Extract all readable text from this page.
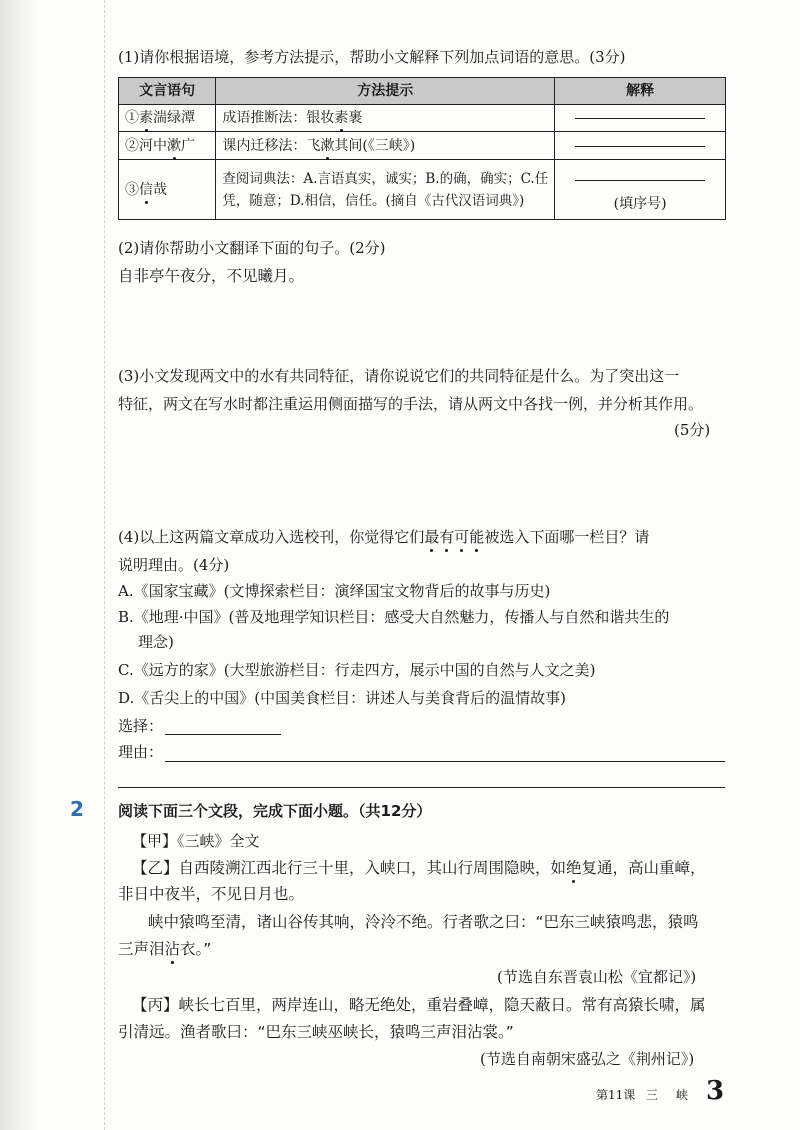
(1)请你根据语境，参考方法提示，帮助小文解释下列加点词语的意思。(3分)
文言语句	方法提示	解释
①素湍绿潭	成语推断法：银妆素裹	
②河中漱广	课内迁移法：飞漱其间(《三峡》)	
③信哉	查阅词典法：A.言语真实，诚实；B.的确，确实；C.任
凭，随意；D.相信，信任。(摘自《古代汉语词典》)	(填序号)
(2)请你帮助小文翻译下面的句子。(2分)
自非亭午夜分，不见曦月。
(3)小文发现两文中的水有共同特征，请你说说它们的共同特征是什么。为了突出这一
特征，两文在写水时都注重运用侧面描写的手法，请从两文中各找一例，并分析其作用。
(5分)
(4)以上这两篇文章成功入选校刊，你觉得它们最有可能被选入下面哪一栏目？请
说明理由。(4分)
A.《国家宝藏》(文博探索栏目：演绎国宝文物背后的故事与历史)
B.《地理·中国》(普及地理学知识栏目：感受大自然魅力，传播人与自然和谐共生的
理念)
C.《远方的家》(大型旅游栏目：行走四方，展示中国的自然与人文之美)
D.《舌尖上的中国》(中国美食栏目：讲述人与美食背后的温情故事)
选择：
理由：
2 阅读下面三个文段，完成下面小题。（共12分）
【甲】《三峡》全文
【乙】自西陵溯江西北行三十里，入峡口，其山行周围隐映，如绝复通，高山重嶂，
非日中夜半，不见日月也。
峡中猿鸣至清，诸山谷传其响，泠泠不绝。行者歌之曰：“巴东三峡猿鸣悲，猿鸣
三声泪沾衣。”
(节选自东晋袁山松《宜都记》)
【丙】峡长七百里，两岸连山，略无绝处，重岩叠嶂，隐天蔽日。常有高猿长啸，属
引清远。渔者歌曰：“巴东三峡巫峡长，猿鸣三声泪沾裳。”
(节选自南朝宋盛弘之《荆州记》)
第11课 三 峡 3
